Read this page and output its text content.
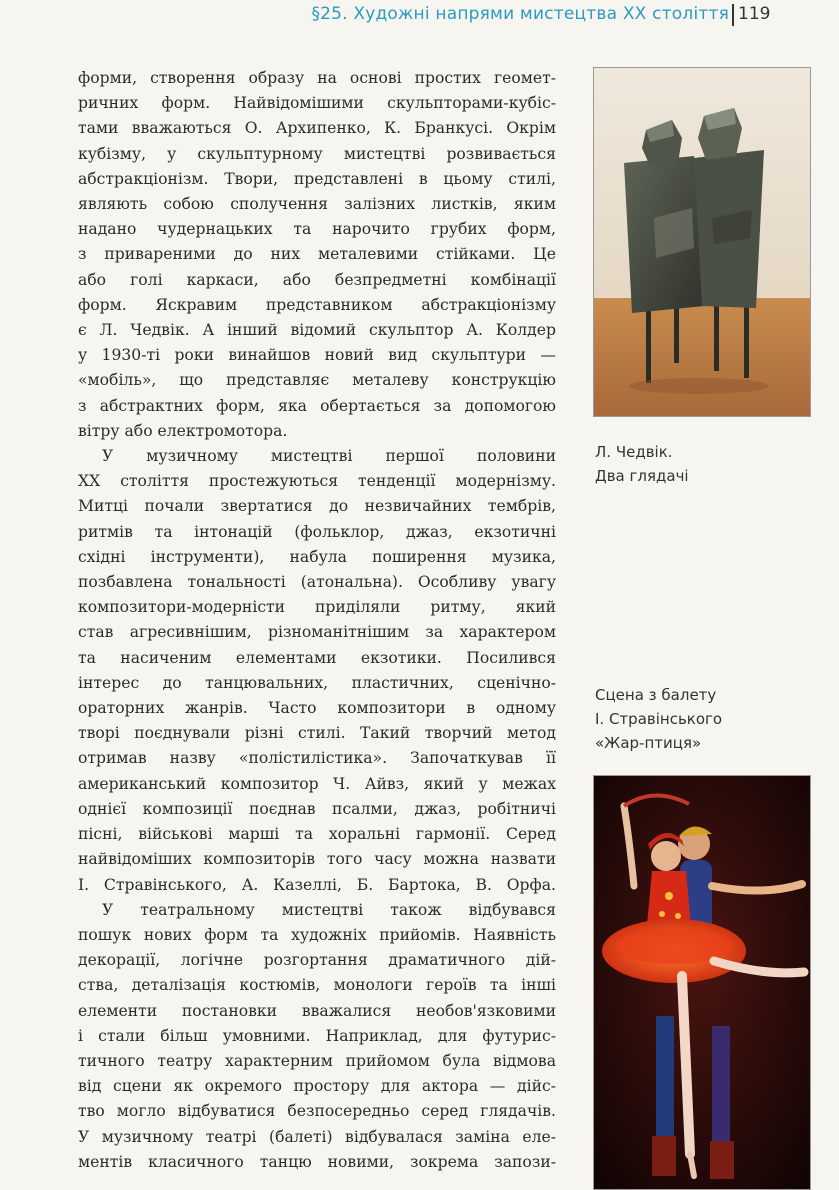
§25. Художні напрями мистецтва ХХ століття 119

форми, створення образу на основі простих геомет-
ричних форм. Найвідомішими скульпторами-кубіс-
тами вважаються О. Архипенко, К. Бранкусі. Окрім
кубізму, у скульптурному мистецтві розвивається
абстракціонізм. Твори, представлені в цьому стилі,
являють собою сполучення залізних листків, яким
надано чудернацьких та нарочито грубих форм,
з привареними до них металевими стійками. Це
або голі каркаси, або безпредметні комбінації
форм. Яскравим представником абстракціонізму
є Л. Чедвік. А інший відомий скульптор А. Колдер
у 1930-ті роки винайшов новий вид скульптури —
«мобіль», що представляє металеву конструкцію
з абстрактних форм, яка обертається за допомогою
вітру або електромотора.

У музичному мистецтві першої половини
ХХ століття простежуються тенденції модернізму.
Митці почали звертатися до незвичайних тембрів,
ритмів та інтонацій (фольклор, джаз, екзотичні
східні інструменти), набула поширення музика,
позбавлена тональності (атональна). Особливу увагу
композитори-модерністи приділяли ритму, який
став агресивнішим, різноманітнішим за характером
та насиченим елементами екзотики. Посилився
інтерес до танцювальних, пластичних, сценічно-
ораторних жанрів. Часто композитори в одному
творі поєднували різні стилі. Такий творчий метод
отримав назву «полістилістика». Започаткував її
американський композитор Ч. Айвз, який у межах
однієї композиції поєднав псалми, джаз, робітничі
пісні, військові марші та хоральні гармонії. Серед
найвідоміших композиторів того часу можна назвати
І. Стравінського, А. Казеллі, Б. Бартока, В. Орфа.

У театральному мистецтві також відбувався
пошук нових форм та художніх прийомів. Наявність
декорації, логічне розгортання драматичного дій-
ства, деталізація костюмів, монологи героїв та інші
елементи постановки вважалися необов'язковими
і стали більш умовними. Наприклад, для футурис-
тичного театру характерним прийомом була відмова
від сцени як окремого простору для актора — дійс-
тво могло відбуватися безпосередньо серед глядачів.
У музичному театрі (балеті) відбувалася заміна еле-
ментів класичного танцю новими, зокрема запози-

Л. Чедвік.
Два глядачі
Сцена з балету
І. Стравінського
«Жар-птиця»
